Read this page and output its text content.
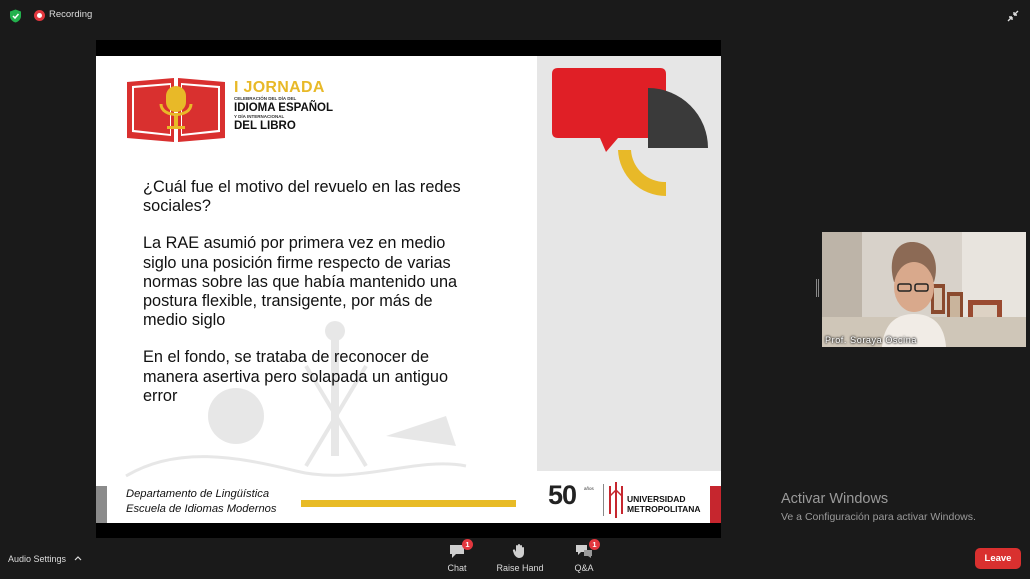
Recording
I JORNADA
CELEBRACIÓN DEL DÍA DEL
IDIOMA ESPAÑOL
Y DÍA INTERNACIONAL
DEL LIBRO

¿Cuál fue el motivo del revuelo en las redes sociales?

La RAE asumió por primera vez en medio siglo una posición firme respecto de varias normas sobre las que había mantenido una postura flexible, transigente, por más de medio siglo

En el fondo, se trataba de reconocer de manera asertiva pero solapada un antiguo error

Departamento de Lingüística
Escuela de Idiomas Modernos	50 años
UNIVERSIDAD
METROPOLITANA
Prof. Soraya Oscina
Activar Windows
Ve a Configuración para activar Windows.
Audio Settings
1
Chat	Raise Hand
1
Q&A
Leave
